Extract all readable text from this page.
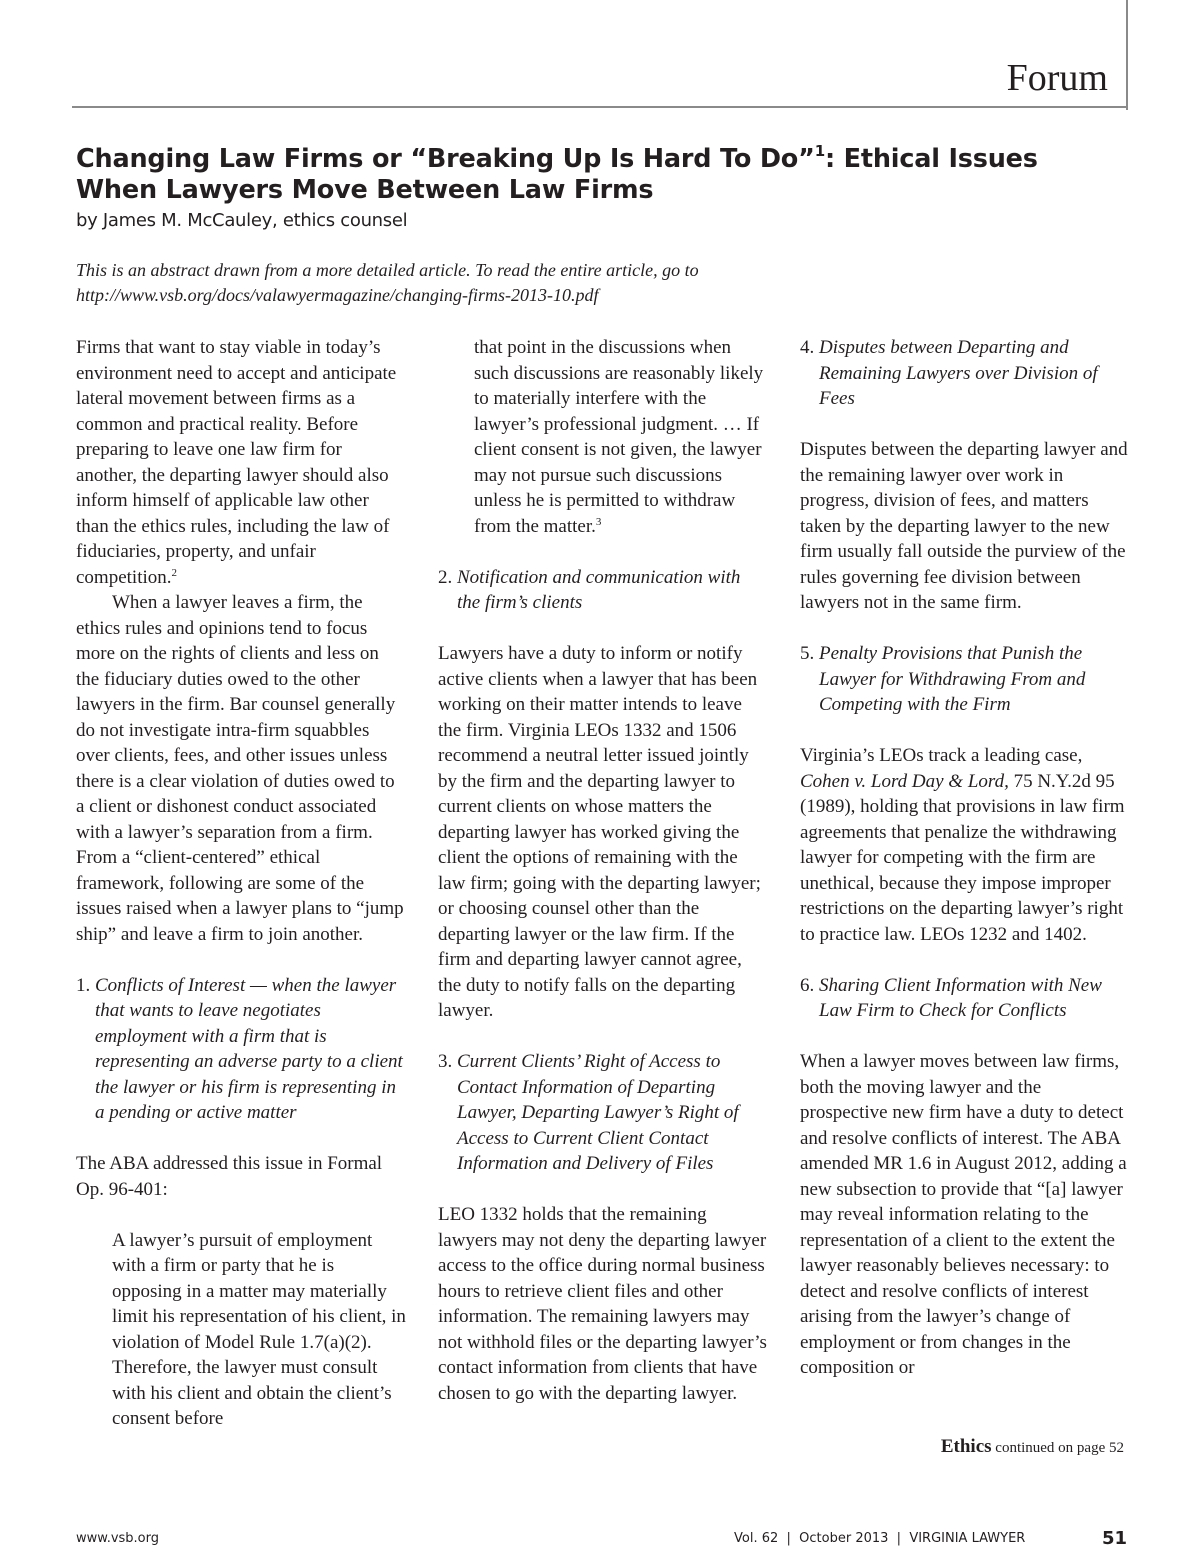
Forum
Changing Law Firms or “Breaking Up Is Hard To Do”$^1$: Ethical Issues When Lawyers Move Between Law Firms
by James M. McCauley, ethics counsel

This is an abstract drawn from a more detailed article. To read the entire article, go to

http://www.vsb.org/docs/valawyermagazine/changing-firms-2013-10.pdf

Firms that want to stay viable in today’s environment need to accept and anticipate lateral movement between firms as a common and practical reality. Before preparing to leave one law firm for another, the departing lawyer should also inform himself of applicable law other than the ethics rules, including the law of fiduciaries, property, and unfair competition.$^2$

When a lawyer leaves a firm, the ethics rules and opinions tend to focus more on the rights of clients and less on the fiduciary duties owed to the other lawyers in the firm. Bar counsel generally do not investigate intra-firm squabbles over clients, fees, and other issues unless there is a clear violation of duties owed to a client or dishonest conduct associated with a lawyer’s separation from a firm. From a “client-centered” ethical framework, following are some of the issues raised when a lawyer plans to “jump ship” and leave a firm to join another.

1. Conflicts of Interest — when the lawyer that wants to leave negotiates employment with a firm that is representing an adverse party to a client the lawyer or his firm is representing in a pending or active matter

The ABA addressed this issue in Formal Op. 96-401:

A lawyer’s pursuit of employment with a firm or party that he is opposing in a matter may materially limit his representation of his client, in violation of Model Rule 1.7(a)(2). Therefore, the lawyer must consult with his client and obtain the client’s consent before

that point in the discussions when such discussions are reasonably likely to materially interfere with the lawyer’s professional judgment. … If client consent is not given, the lawyer may not pursue such discussions unless he is permitted to withdraw from the matter.$^3$

2. Notification and communication with the firm’s clients

Lawyers have a duty to inform or notify active clients when a lawyer that has been working on their matter intends to leave the firm. Virginia LEOs 1332 and 1506 recommend a neutral letter issued jointly by the firm and the departing lawyer to current clients on whose matters the departing lawyer has worked giving the client the options of remaining with the law firm; going with the departing lawyer; or choosing counsel other than the departing lawyer or the law firm. If the firm and departing lawyer cannot agree, the duty to notify falls on the departing lawyer.

3. Current Clients’ Right of Access to Contact Information of Departing Lawyer, Departing Lawyer’s Right of Access to Current Client Contact Information and Delivery of Files

LEO 1332 holds that the remaining lawyers may not deny the departing lawyer access to the office during normal business hours to retrieve client files and other information. The remaining lawyers may not withhold files or the departing lawyer’s contact information from clients that have chosen to go with the departing lawyer.

4. Disputes between Departing and Remaining Lawyers over Division of Fees

Disputes between the departing lawyer and the remaining lawyer over work in progress, division of fees, and matters taken by the departing lawyer to the new firm usually fall outside the purview of the rules governing fee division between lawyers not in the same firm.

5. Penalty Provisions that Punish the Lawyer for Withdrawing From and Competing with the Firm

Virginia’s LEOs track a leading case, Cohen v. Lord Day & Lord, 75 N.Y.2d 95 (1989), holding that provisions in law firm agreements that penalize the withdrawing lawyer for competing with the firm are unethical, because they impose improper restrictions on the departing lawyer’s right to practice law. LEOs 1232 and 1402.

6. Sharing Client Information with New Law Firm to Check for Conflicts

When a lawyer moves between law firms, both the moving lawyer and the prospective new firm have a duty to detect and resolve conflicts of interest. The ABA amended MR 1.6 in August 2012, adding a new subsection to provide that “[a] lawyer may reveal information relating to the representation of a client to the extent the lawyer reasonably believes necessary: to detect and resolve conflicts of interest arising from the lawyer’s change of employment or from changes in the composition or

Ethics continued on page 52
www.vsb.org	Vol. 62  |  October 2013  |  VIRGINIA LAWYER	51
